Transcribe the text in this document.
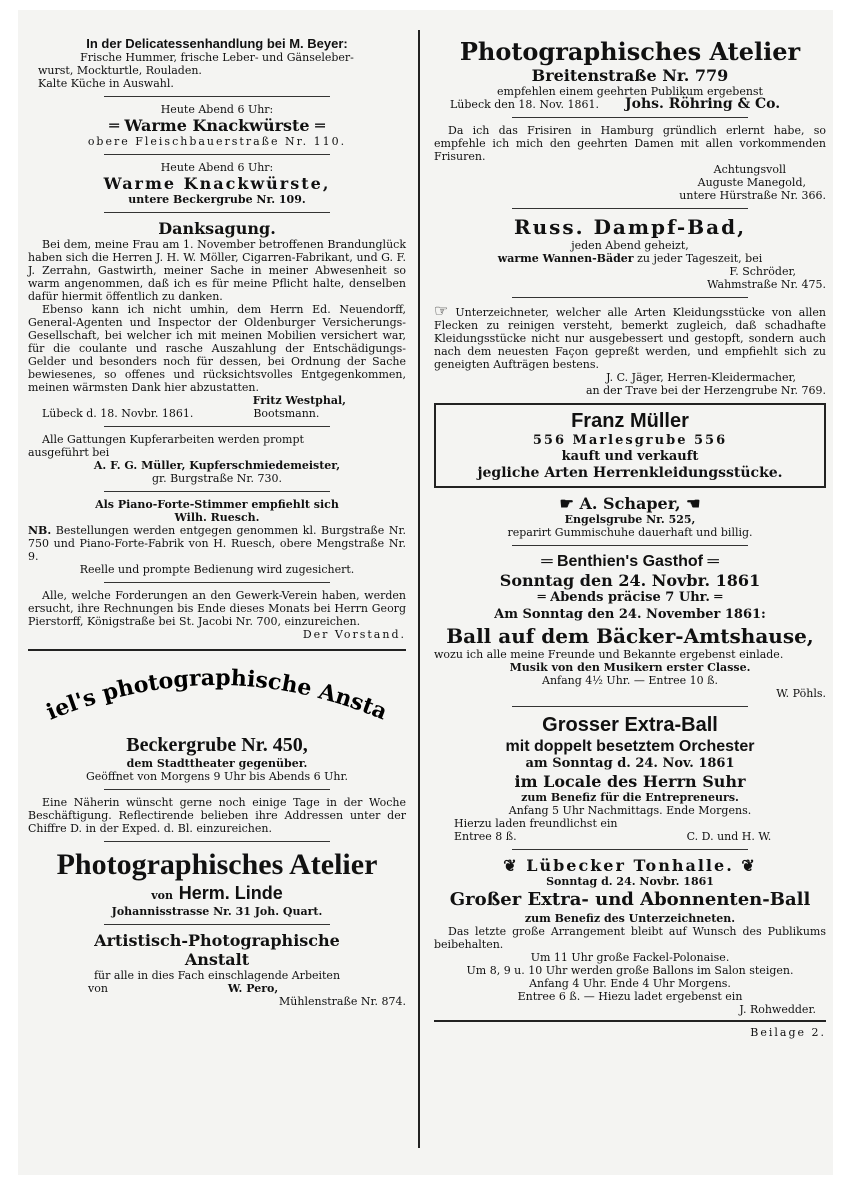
In der Delicatessenhandlung bei M. Beyer:

Frische Hummer, frische Leber- und Gänseleber-

wurst, Mockturtle, Rouladen.

Kalte Küche in Auswahl.

Heute Abend 6 Uhr:

═ Warme Knackwürste ═

obere Fleischbauerstraße Nr. 110.

Heute Abend 6 Uhr:

Warme Knackwürste,

untere Beckergrube Nr. 109.

Danksagung.

Bei dem, meine Frau am 1. November betroffenen Brandunglück haben sich die Herren J. H. W. Möller, Cigarren-Fabrikant, und G. F. J. Zerrahn, Gastwirth, meiner Sache in meiner Abwesenheit so warm angenommen, daß ich es für meine Pflicht halte, denselben dafür hiermit öffentlich zu danken.

Ebenso kann ich nicht umhin, dem Herrn Ed. Neuendorff, General-Agenten und Inspector der Oldenburger Versicherungs-Gesellschaft, bei welcher ich mit meinen Mobilien versichert war, für die coulante und rasche Auszahlung der Entschädigungs-Gelder und besonders noch für dessen, bei Ordnung der Sache bewiesenes, so offenes und rücksichtsvolles Entgegenkommen, meinen wärmsten Dank hier abzustatten.

Fritz Westphal,

Lübeck d. 18. Novbr. 1861.	Bootsmann.

Alle Gattungen Kupferarbeiten werden prompt

ausgeführt bei

A. F. G. Müller, Kupferschmiedemeister,

gr. Burgstraße Nr. 730.

Als Piano-Forte-Stimmer empfiehlt sich

Wilh. Ruesch.

NB. Bestellungen werden entgegen genommen kl. Burgstraße Nr. 750 und Piano-Forte-Fabrik von H. Ruesch, obere Mengstraße Nr. 9.

Reelle und prompte Bedienung wird zugesichert.

Alle, welche Forderungen an den Gewerk-Verein haben, werden ersucht, ihre Rechnungen bis Ende dieses Monats bei Herrn Georg Pierstorff, Königstraße bei St. Jacobi Nr. 700, einzureichen.

Der Vorstand.

iel's photographische Ansta

Beckergrube Nr. 450,

dem Stadttheater gegenüber.

Geöffnet von Morgens 9 Uhr bis Abends 6 Uhr.

Eine Näherin wünscht gerne noch einige Tage in der Woche Beschäftigung. Reflectirende belieben ihre Addressen unter der Chiffre D. in der Exped. d. Bl. einzureichen.

Photographisches Atelier

von Herm. Linde

Johannisstrasse Nr. 31 Joh. Quart.

Artistisch-Photographische

Anstalt

für alle in dies Fach einschlagende Arbeiten

von	W. Pero,

Mühlenstraße Nr. 874.

Photographisches Atelier

Breitenstraße Nr. 779

empfehlen einem geehrten Publikum ergebenst

Lübeck den 18. Nov. 1861. Johs. Röhring & Co.

Da ich das Frisiren in Hamburg gründlich erlernt habe, so empfehle ich mich den geehrten Damen mit allen vorkommenden Frisuren.

Achtungsvoll

Auguste Manegold,

untere Hürstraße Nr. 366.

Russ. Dampf-Bad,

jeden Abend geheizt,

warme Wannen-Bäder zu jeder Tageszeit, bei

F. Schröder,

Wahmstraße Nr. 475.

☞ Unterzeichneter, welcher alle Arten Kleidungsstücke von allen Flecken zu reinigen versteht, bemerkt zugleich, daß schadhafte Kleidungsstücke nicht nur ausgebessert und gestopft, sondern auch nach dem neuesten Façon gepreßt werden, und empfiehlt sich zu geneigten Aufträgen bestens.

J. C. Jäger, Herren-Kleidermacher,

an der Trave bei der Herzengrube Nr. 769.

Franz Müller

556 Marlesgrube 556

kauft und verkauft

jegliche Arten Herrenkleidungsstücke.

☛ A. Schaper, ☚

Engelsgrube Nr. 525,

reparirt Gummischuhe dauerhaft und billig.

═ Benthien's Gasthof ═

Sonntag den 24. Novbr. 1861

═ Abends präcise 7 Uhr. ═

Am Sonntag den 24. November 1861:

Ball auf dem Bäcker-Amtshause,

wozu ich alle meine Freunde und Bekannte ergebenst einlade.

Musik von den Musikern erster Classe.

Anfang 4½ Uhr. — Entree 10 ß.

W. Pöhls.

Grosser Extra-Ball

mit doppelt besetztem Orchester

am Sonntag d. 24. Nov. 1861

im Locale des Herrn Suhr

zum Benefiz für die Entrepreneurs.

Anfang 5 Uhr Nachmittags. Ende Morgens.

Hierzu laden freundlichst ein

Entree 8 ß.	C. D. und H. W.

❦ Lübecker Tonhalle. ❦

Sonntag d. 24. Novbr. 1861

Großer Extra- und Abonnenten-Ball

zum Benefiz des Unterzeichneten.

Das letzte große Arrangement bleibt auf Wunsch des Publikums beibehalten.

Um 11 Uhr große Fackel-Polonaise.

Um 8, 9 u. 10 Uhr werden große Ballons im Salon steigen.

Anfang 4 Uhr. Ende 4 Uhr Morgens.

Entree 6 ß. — Hiezu ladet ergebenst ein

J. Rohwedder.

Beilage 2.
